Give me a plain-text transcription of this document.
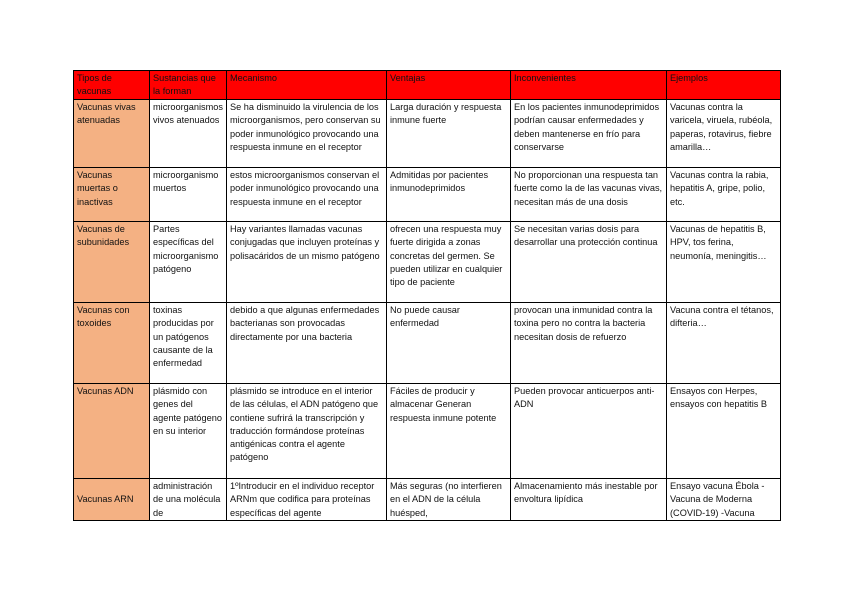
Tipos de vacunas	Sustancias que la forman	Mecanismo	Ventajas	Inconvenientes	Ejemplos
Vacunas vivas atenuadas	microorganismos vivos atenuados	Se ha disminuido la virulencia de los microorganismos, pero conservan su poder inmunológico provocando una respuesta inmune en el receptor	Larga duración y respuesta inmune fuerte	En los pacientes inmunodeprimidos podrían causar enfermedades y deben mantenerse en frío para conservarse	Vacunas contra la varicela, viruela, rubéola, paperas, rotavirus, fiebre amarilla…
Vacunas muertas o inactivas	microorganismo muertos	estos microorganismos conservan el poder inmunológico provocando una respuesta inmune en el receptor	Admitidas por pacientes inmunodeprimidos	No proporcionan una respuesta tan fuerte como la de las vacunas vivas, necesitan más de una dosis	Vacunas contra la rabia, hepatitis A, gripe, polio, etc.
Vacunas de subunidades	Partes específicas del microorganismo patógeno	Hay variantes llamadas vacunas conjugadas que incluyen proteínas y polisacáridos de un mismo patógeno	ofrecen una respuesta muy fuerte dirigida a zonas concretas del germen. Se pueden utilizar en cualquier tipo de paciente	Se necesitan varias dosis para desarrollar una protección continua	Vacunas de hepatitis B, HPV, tos ferina, neumonía, meningitis…
Vacunas con toxoides	toxinas producidas por un patógenos causante de la enfermedad	debido a que algunas enfermedades bacterianas son provocadas directamente por una bacteria	No puede causar enfermedad	provocan una inmunidad contra la toxina pero no contra la bacteria necesitan dosis de refuerzo	Vacuna contra el tétanos, difteria…
Vacunas ADN	plásmido con genes del agente patógeno en su interior	plásmido se introduce en el interior de las células, el ADN patógeno que contiene sufrirá la transcripción y traducción formándose proteínas antigénicas contra el agente patógeno	Fáciles de producir y almacenar Generan respuesta inmune potente	Pueden provocar anticuerpos anti-ADN	Ensayos con Herpes, ensayos con hepatitis B
Vacunas ARN	administración de una molécula de	1ºIntroducir en el individuo receptor ARNm que codifica para proteínas específicas del agente	Más seguras (no interfieren en el ADN de la célula huésped,	Almacenamiento más inestable por envoltura lipídica	Ensayo vacuna Ébola - Vacuna de Moderna (COVID-19) -Vacuna
